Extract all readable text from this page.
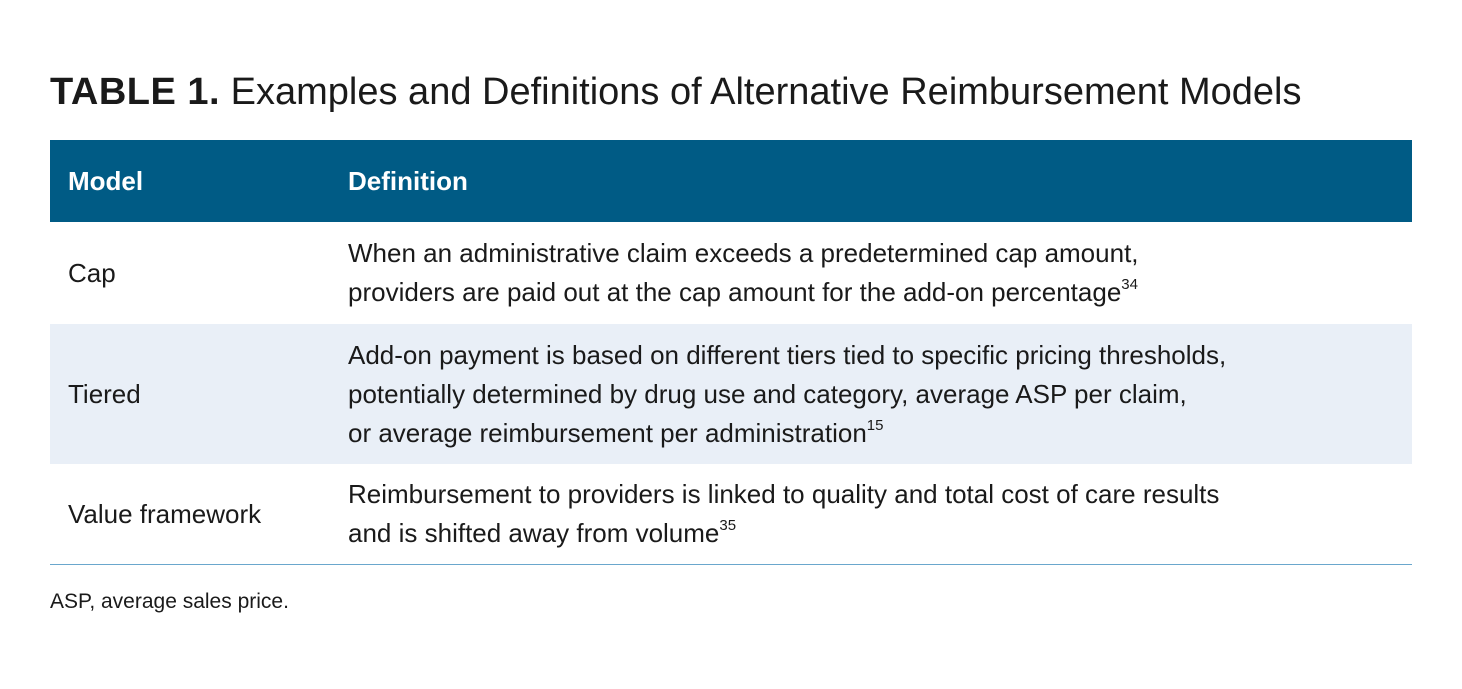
TABLE 1. Examples and Definitions of Alternative Reimbursement Models
Model	Definition
Cap
When an administrative claim exceeds a predetermined cap amount,
providers are paid out at the cap amount for the add-on percentage$^{34}$
Tiered
Add-on payment is based on different tiers tied to specific pricing thresholds,
potentially determined by drug use and category, average ASP per claim,
or average reimbursement per administration$^{15}$
Value framework
Reimbursement to providers is linked to quality and total cost of care results
and is shifted away from volume$^{35}$
ASP, average sales price.
